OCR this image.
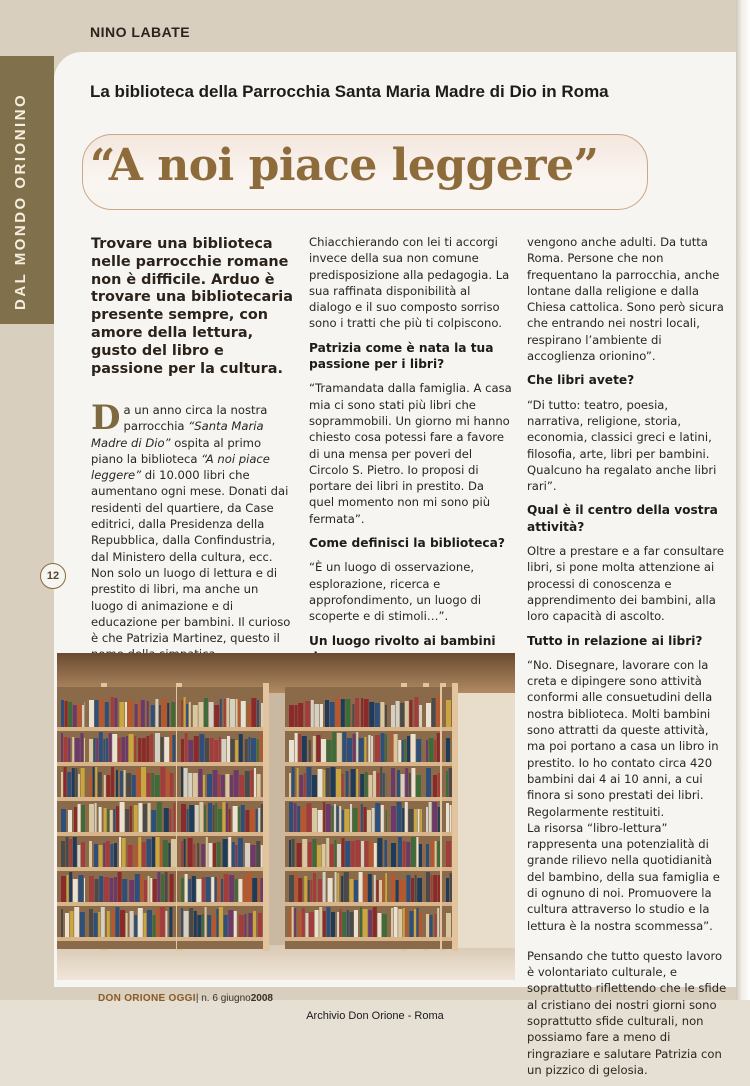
NINO LABATE
DAL MONDO ORIONINO
12
La biblioteca della Parrocchia Santa Maria Madre di Dio in Roma
“A noi piace leggere”
Trovare una biblioteca nelle parrocchie romane non è difficile. Arduo è trovare una bibliotecaria presente sempre, con amore della lettura, gusto del libro e passione per la cultura.

Da un anno circa la nostra parrocchia “Santa Maria Madre di Dio” ospita al primo piano la biblioteca “A noi piace leggere” di 10.000 libri che aumentano ogni mese. Donati dai residenti del quartiere, da Case editrici, dalla Presidenza della Repubblica, dalla Confindustria, dal Ministero della cultura, ecc. Non solo un luogo di lettura e di prestito di libri, ma anche un luogo di animazione e di educazione per bambini. Il curioso è che Patrizia Martinez, questo il

Chiacchierando con lei ti accorgi invece della sua non comune predisposizione alla pedagogia. La sua raffinata disponibilità al dialogo e il suo composto sorriso sono i tratti che più ti colpiscono.

Patrizia come è nata la tua passione per i libri?

“Tramandata dalla famiglia. A casa mia ci sono stati più libri che soprammobili. Un giorno mi hanno chiesto cosa potessi fare a favore di una mensa per poveri del Circolo S. Pietro. Io proposi di portare dei libri in prestito. Da quel momento non mi sono più fermata”.

Come definisci la biblioteca?

“È un luogo di osservazione, esplorazione, ricerca e approfondimento, un luogo di scoperte e di stimoli…”.

Un luogo rivolto ai bambini

vengono anche adulti. Da tutta Roma. Persone che non frequentano la parrocchia, anche lontane dalla religione e dalla Chiesa cattolica. Sono però sicura che entrando nei nostri locali, respirano l’ambiente di accoglienza orionino”.

Che libri avete?

“Di tutto: teatro, poesia, narrativa, religione, storia, economia, classici greci e latini, filosofia, arte, libri per bambini. Qualcuno ha regalato anche libri rari”.

Qual è il centro della vostra attività?

Oltre a prestare e a far consultare libri, si pone molta attenzione ai processi di conoscenza e apprendimento dei bambini, alla loro capacità di ascolto.

Tutto in relazione ai libri?

“No. Disegnare, lavorare con la creta e dipingere sono attività conformi alle consuetudini della nostra biblioteca. Molti bambini sono attratti da queste attività, ma poi portano a casa un libro in prestito. Io ho contato circa 420 bambini dai 4 ai 10 anni, a cui finora si sono prestati dei libri. Regolarmente restituiti.

La risorsa “libro-lettura” rappresenta una potenzialità di grande rilievo nella quotidianità del bambino, della sua famiglia e di ognuno di noi. Promuovere la cultura attraverso lo studio e la lettura è la nostra scommessa”.

Pensando che tutto questo lavoro è volontariato culturale, e soprattutto riflettendo che le sfide al cristiano dei nostri giorni sono soprattutto sfide culturali, non possiamo fare a meno di ringraziare e salutare Patrizia con un pizzico di gelosia.

DON ORIONE OGGI| n. 6 giugno2008
Archivio Don Orione - Roma
